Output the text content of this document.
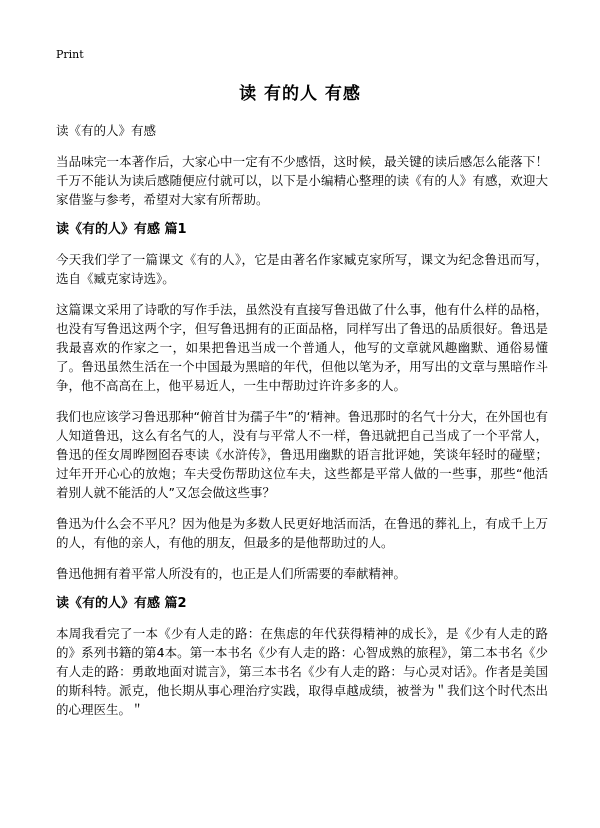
Print
读 有的人 有感
读《有的人》有感

当品味完一本著作后，大家心中一定有不少感悟，这时候，最关键的读后感怎么能落下！千万不能认为读后感随便应付就可以，以下是小编精心整理的读《有的人》有感，欢迎大家借鉴与参考，希望对大家有所帮助。

读《有的人》有感 篇1

今天我们学了一篇课文《有的人》，它是由著名作家臧克家所写，课文为纪念鲁迅而写，选自《臧克家诗选》。

这篇课文采用了诗歌的写作手法，虽然没有直接写鲁迅做了什么事，他有什么样的品格，也没有写鲁迅这两个字，但写鲁迅拥有的正面品格，同样写出了鲁迅的品质很好。鲁迅是我最喜欢的作家之一，如果把鲁迅当成一个普通人，他写的文章就风趣幽默、通俗易懂了。鲁迅虽然生活在一个中国最为黑暗的年代，但他以笔为矛，用写出的文章与黑暗作斗争，他不高高在上，他平易近人，一生中帮助过许许多多的人。

我们也应该学习鲁迅那种“俯首甘为孺子牛”的‘精神。鲁迅那时的名气十分大，在外国也有人知道鲁迅，这么有名气的人，没有与平常人不一样，鲁迅就把自己当成了一个平常人，鲁迅的侄女周晔囫囵吞枣读《水浒传》，鲁迅用幽默的语言批评她，笑谈年轻时的碰壁；过年开开心心的放炮；车夫受伤帮助这位车夫，这些都是平常人做的一些事，那些“他活着别人就不能活的人”又怎会做这些事？

鲁迅为什么会不平凡？因为他是为多数人民更好地活而活，在鲁迅的葬礼上，有成千上万的人，有他的亲人，有他的朋友，但最多的是他帮助过的人。

鲁迅他拥有着平常人所没有的，也正是人们所需要的奉献精神。

读《有的人》有感 篇2

本周我看完了一本《少有人走的路：在焦虑的年代获得精神的成长》，是《少有人走的路的》系列书籍的第4本。第一本书名《少有人走的路：心智成熟的旅程》，第二本书名《少有人走的路：勇敢地面对谎言》，第三本书名《少有人走的路：与心灵对话》。作者是美国的斯科特。派克，他长期从事心理治疗实践，取得卓越成绩，被誉为＂我们这个时代杰出的心理医生。＂
